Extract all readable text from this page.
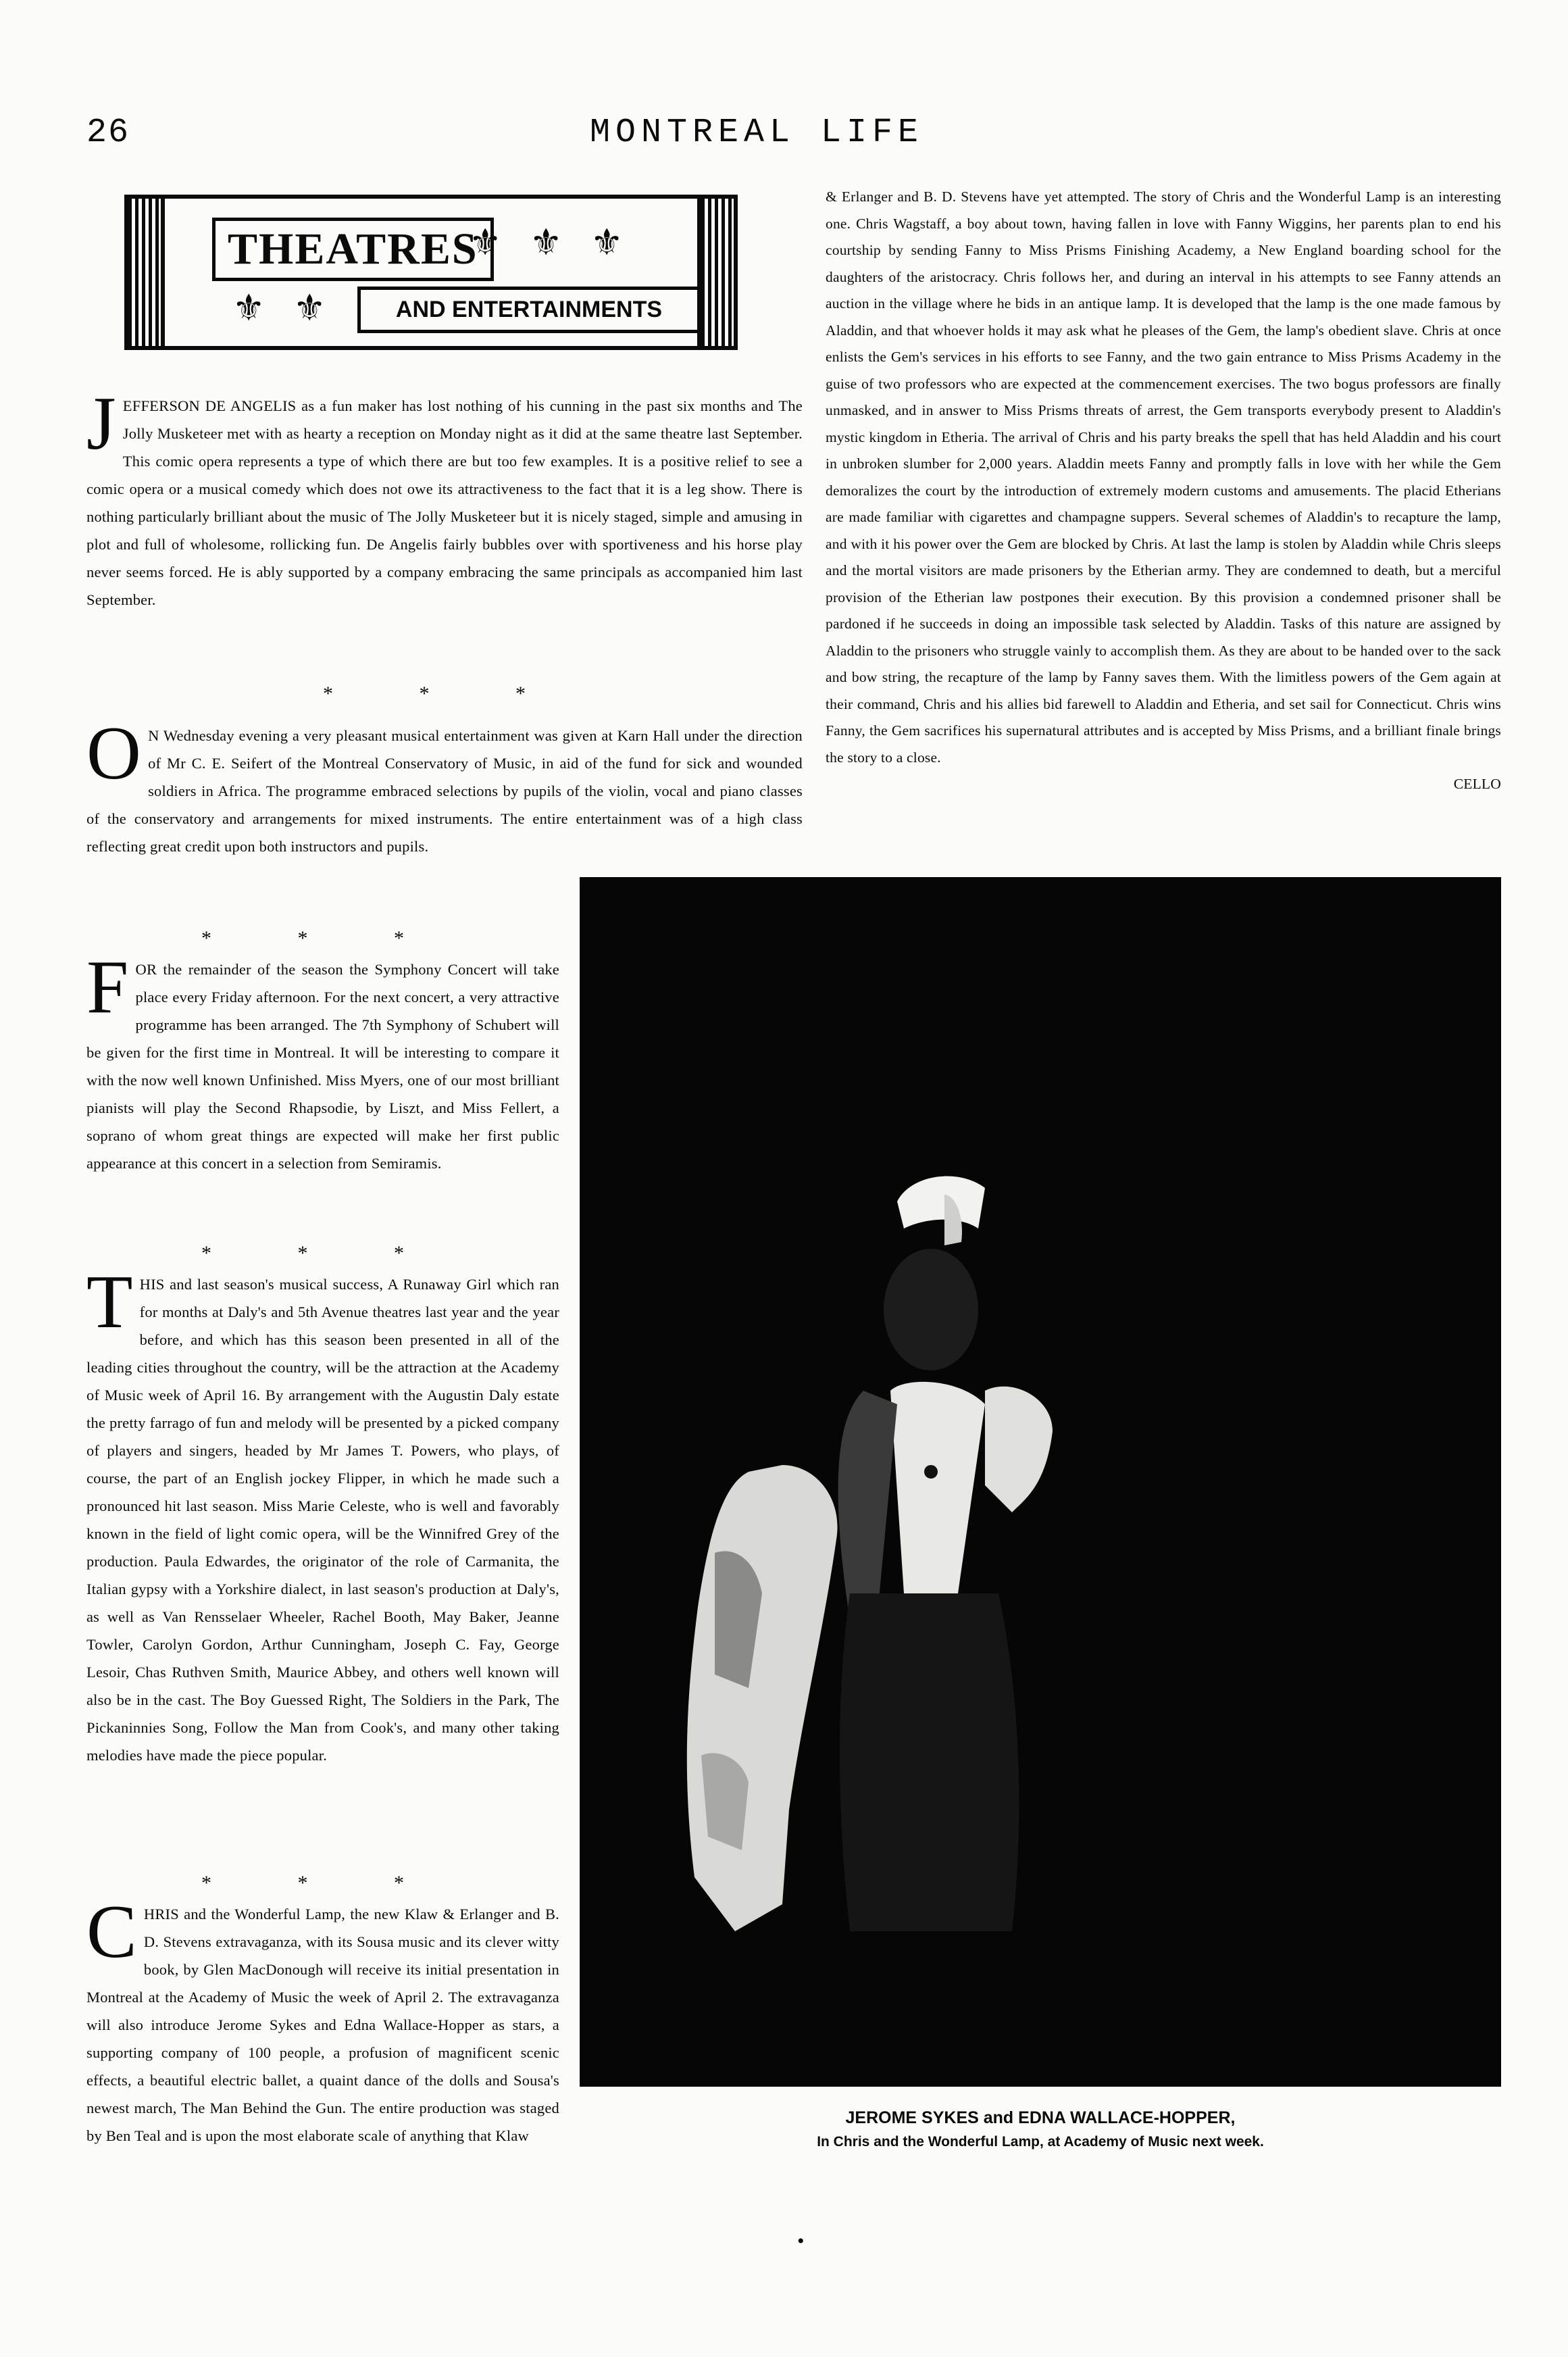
26	MONTREAL LIFE
THEATRES
⚜ ⚜ ⚜
⚜ ⚜	AND ENTERTAINMENTS

JEFFERSON DE ANGELIS as a fun maker has lost nothing of his cunning in the past six months and The Jolly Musketeer met with as hearty a reception on Monday night as it did at the same theatre last September. This comic opera represents a type of which there are but too few examples. It is a positive relief to see a comic opera or a musical comedy which does not owe its attractiveness to the fact that it is a leg show. There is nothing particularly brilliant about the music of The Jolly Musketeer but it is nicely staged, simple and amusing in plot and full of wholesome, rollicking fun. De Angelis fairly bubbles over with sportiveness and his horse play never seems forced. He is ably supported by a company embracing the same principals as accompanied him last September.

* * *

O N Wednesday evening a very pleasant musical entertainment was given at Karn Hall under the direction of Mr C. E. Seifert of the Montreal Conservatory of Music, in aid of the fund for sick and wounded soldiers in Africa. The programme embraced selections by pupils of the violin, vocal and piano classes of the conservatory and arrangements for mixed instruments. The entire entertainment was of a high class reflecting great credit upon both instructors and pupils.

* * *

FOR the remainder of the season the Symphony Concert will take place every Friday afternoon. For the next concert, a very attractive programme has been arranged. The 7th Symphony of Schubert will be given for the first time in Montreal. It will be interesting to compare it with the now well known Unfinished. Miss Myers, one of our most brilliant pianists will play the Second Rhapsodie, by Liszt, and Miss Fellert, a soprano of whom great things are expected will make her first public appearance at this concert in a selection from Semiramis.

* * *

THIS and last season's musical success, A Runaway Girl which ran for months at Daly's and 5th Avenue theatres last year and the year before, and which has this season been presented in all of the leading cities throughout the country, will be the attraction at the Academy of Music week of April 16. By arrangement with the Augustin Daly estate the pretty farrago of fun and melody will be presented by a picked company of players and singers, headed by Mr James T. Powers, who plays, of course, the part of an English jockey Flipper, in which he made such a pronounced hit last season. Miss Marie Celeste, who is well and favorably known in the field of light comic opera, will be the Winnifred Grey of the production. Paula Edwardes, the originator of the role of Carmanita, the Italian gypsy with a Yorkshire dialect, in last season's production at Daly's, as well as Van Rensselaer Wheeler, Rachel Booth, May Baker, Jeanne Towler, Carolyn Gordon, Arthur Cunningham, Joseph C. Fay, George Lesoir, Chas Ruthven Smith, Maurice Abbey, and others well known will also be in the cast. The Boy Guessed Right, The Soldiers in the Park, The Pickaninnies Song, Follow the Man from Cook's, and many other taking melodies have made the piece popular.

* * *

CHRIS and the Wonderful Lamp, the new Klaw & Erlanger and B. D. Stevens extravaganza, with its Sousa music and its clever witty book, by Glen MacDonough will receive its initial presentation in Montreal at the Academy of Music the week of April 2. The extravaganza will also introduce Jerome Sykes and Edna Wallace-Hopper as stars, a supporting company of 100 people, a profusion of magnificent scenic effects, a beautiful electric ballet, a quaint dance of the dolls and Sousa's newest march, The Man Behind the Gun. The entire production was staged by Ben Teal and is upon the most elaborate scale of anything that Klaw

& Erlanger and B. D. Stevens have yet attempted. The story of Chris and the Wonderful Lamp is an interesting one. Chris Wagstaff, a boy about town, having fallen in love with Fanny Wiggins, her parents plan to end his courtship by sending Fanny to Miss Prisms Finishing Academy, a New England boarding school for the daughters of the aristocracy. Chris follows her, and during an interval in his attempts to see Fanny attends an auction in the village where he bids in an antique lamp. It is developed that the lamp is the one made famous by Aladdin, and that whoever holds it may ask what he pleases of the Gem, the lamp's obedient slave. Chris at once enlists the Gem's services in his efforts to see Fanny, and the two gain entrance to Miss Prisms Academy in the guise of two professors who are expected at the commencement exercises. The two bogus professors are finally unmasked, and in answer to Miss Prisms threats of arrest, the Gem transports everybody present to Aladdin's mystic kingdom in Etheria. The arrival of Chris and his party breaks the spell that has held Aladdin and his court in unbroken slumber for 2,000 years. Aladdin meets Fanny and promptly falls in love with her while the Gem demoralizes the court by the introduction of extremely modern customs and amusements. The placid Etherians are made familiar with cigarettes and champagne suppers. Several schemes of Aladdin's to recapture the lamp, and with it his power over the Gem are blocked by Chris. At last the lamp is stolen by Aladdin while Chris sleeps and the mortal visitors are made prisoners by the Etherian army. They are condemned to death, but a merciful provision of the Etherian law postpones their execution. By this provision a condemned prisoner shall be pardoned if he succeeds in doing an impossible task selected by Aladdin. Tasks of this nature are assigned by Aladdin to the prisoners who struggle vainly to accomplish them. As they are about to be handed over to the sack and bow string, the recapture of the lamp by Fanny saves them. With the limitless powers of the Gem again at their command, Chris and his allies bid farewell to Aladdin and Etheria, and set sail for Connecticut. Chris wins Fanny, the Gem sacrifices his supernatural attributes and is accepted by Miss Prisms, and a brilliant finale brings the story to a close.
CELLO

JEROME SYKES and EDNA WALLACE-HOPPER,
In Chris and the Wonderful Lamp, at Academy of Music next week.
•
